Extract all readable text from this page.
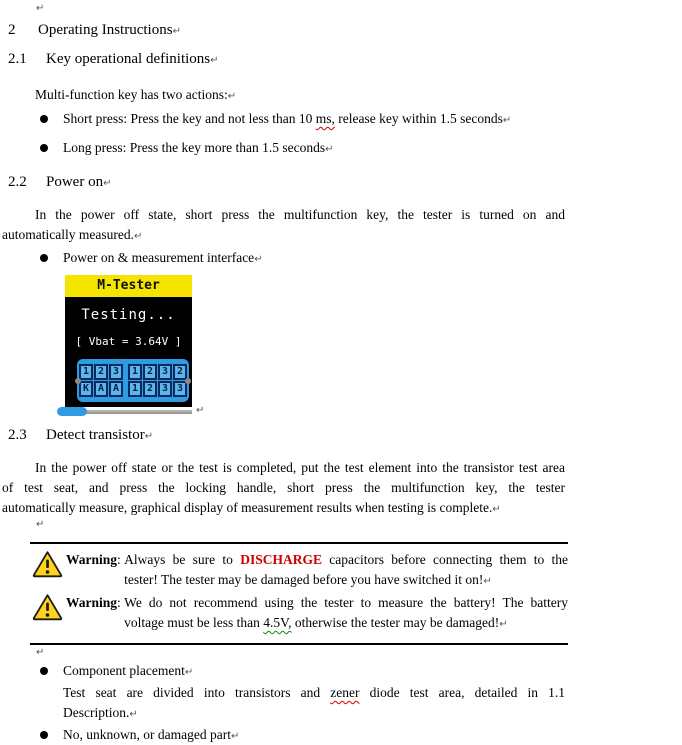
↵
2 Operating Instructions↵
2.1 Key operational definitions↵
Multi-function key has two actions:↵
Short press: Press the key and not less than 10 ms, release key within 1.5 seconds↵
Long press: Press the key more than 1.5 seconds↵
2.2 Power on↵
In the power off state, short press the multifunction key, the tester is turned on and
automatically measured.↵
Power on & measurement interface↵
M-Tester
Testing...
[ Vbat = 3.64V ]
1 2 3	1 2 3 2
K A A	1 2 3 3
↵
2.3 Detect transistor↵
In the power off state or the test is completed, put the test element into the transistor test area
of test seat, and press the locking handle, short press the multifunction key, the tester
automatically measure, graphical display of measurement results when testing is complete.↵
↵
Warning: Always be sure to DISCHARGE capacitors before connecting them to the
tester! The tester may be damaged before you have switched it on!↵
Warning: We do not recommend using the tester to measure the battery! The battery
voltage must be less than 4.5V, otherwise the tester may be damaged!↵
↵
Component placement↵
Test seat are divided into transistors and zener diode test area, detailed in 1.1
Description.↵
No, unknown, or damaged part↵
